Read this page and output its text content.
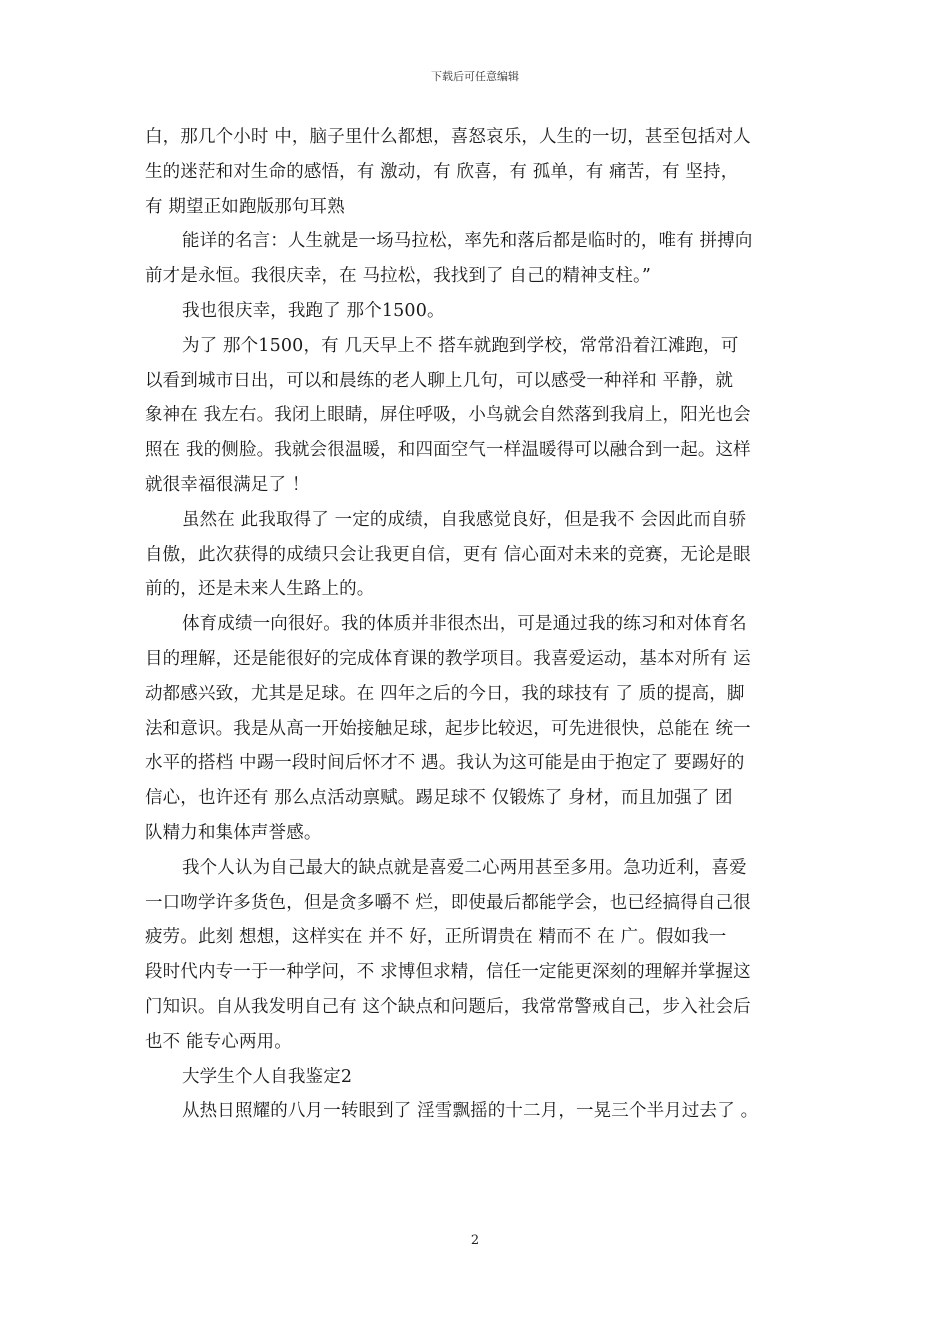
下载后可任意编辑
白，那几个小时 中，脑子里什么都想，喜怒哀乐，人生的一切，甚至包括对人
生的迷茫和对生命的感悟，有 激动，有 欣喜，有 孤单，有 痛苦，有 坚持，
有 期望正如跑版那句耳熟
能详的名言：人生就是一场马拉松，率先和落后都是临时的，唯有 拼搏向
前才是永恒。我很庆幸，在 马拉松，我找到了 自己的精神支柱。”
我也很庆幸，我跑了 那个1500。
为了 那个1500，有 几天早上不 搭车就跑到学校，常常沿着江滩跑，可
以看到城市日出，可以和晨练的老人聊上几句，可以感受一种祥和 平静，就
象神在 我左右。我闭上眼睛，屏住呼吸，小鸟就会自然落到我肩上，阳光也会
照在 我的侧脸。我就会很温暖，和四面空气一样温暖得可以融合到一起。这样
就很幸福很满足了 ！
虽然在 此我取得了 一定的成绩，自我感觉良好，但是我不 会因此而自骄
自傲，此次获得的成绩只会让我更自信，更有 信心面对未来的竞赛，无论是眼
前的，还是未来人生路上的。
体育成绩一向很好。我的体质并非很杰出，可是通过我的练习和对体育名
目的理解，还是能很好的完成体育课的教学项目。我喜爱运动，基本对所有 运
动都感兴致，尤其是足球。在 四年之后的今日，我的球技有 了 质的提高，脚
法和意识。我是从高一开始接触足球，起步比较迟，可先进很快，总能在 统一
水平的搭档 中踢一段时间后怀才不 遇。我认为这可能是由于抱定了 要踢好的
信心，也许还有 那么点活动禀赋。踢足球不 仅锻炼了 身材，而且加强了 团
队精力和集体声誉感。
我个人认为自己最大的缺点就是喜爱二心两用甚至多用。急功近利，喜爱
一口吻学许多货色，但是贪多嚼不 烂，即使最后都能学会，也已经搞得自己很
疲劳。此刻 想想，这样实在 并不 好，正所谓贵在 精而不 在 广。假如我一
段时代内专一于一种学问，不 求博但求精，信任一定能更深刻的理解并掌握这
门知识。自从我发明自己有 这个缺点和问题后，我常常警戒自己，步入社会后
也不 能专心两用。
大学生个人自我鉴定2
从热日照耀的八月一转眼到了 淫雪飘摇的十二月，一晃三个半月过去了 。
2
